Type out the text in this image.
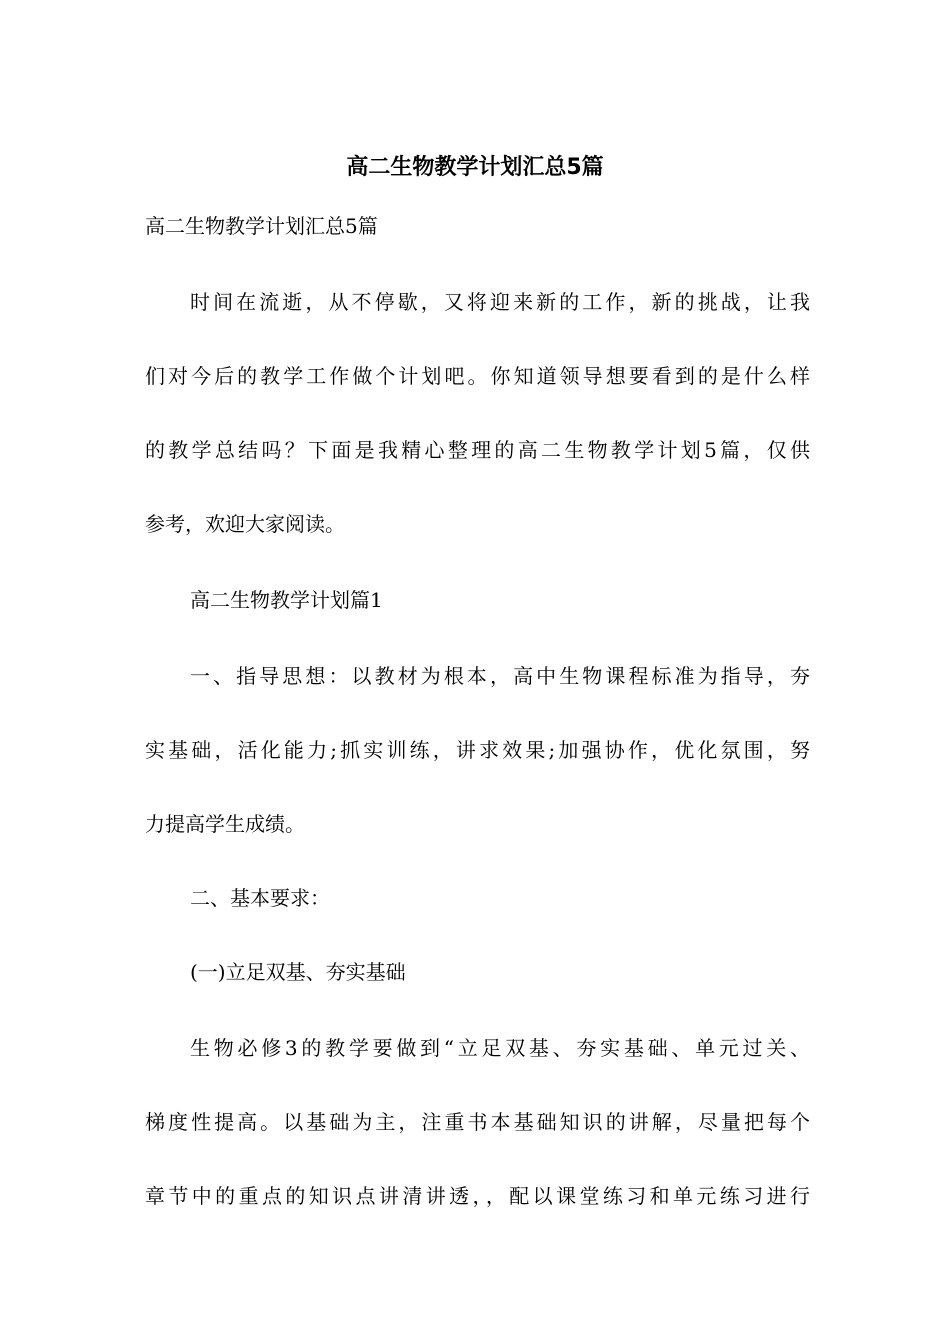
高二生物教学计划汇总5篇
高二生物教学计划汇总5篇
时间在流逝，从不停歇，又将迎来新的工作，新的挑战，让我
们对今后的教学工作做个计划吧。你知道领导想要看到的是什么样
的教学总结吗？下面是我精心整理的高二生物教学计划5篇，仅供
参考，欢迎大家阅读。
高二生物教学计划篇1
一、指导思想：以教材为根本，高中生物课程标准为指导，夯
实基础，活化能力;抓实训练，讲求效果;加强协作，优化氛围，努
力提高学生成绩。
二、基本要求：
(一)立足双基、夯实基础
生物必修3的教学要做到“立足双基、夯实基础、单元过关、
梯度性提高。以基础为主，注重书本基础知识的讲解，尽量把每个
章节中的重点的知识点讲清讲透，，配以课堂练习和单元练习进行
